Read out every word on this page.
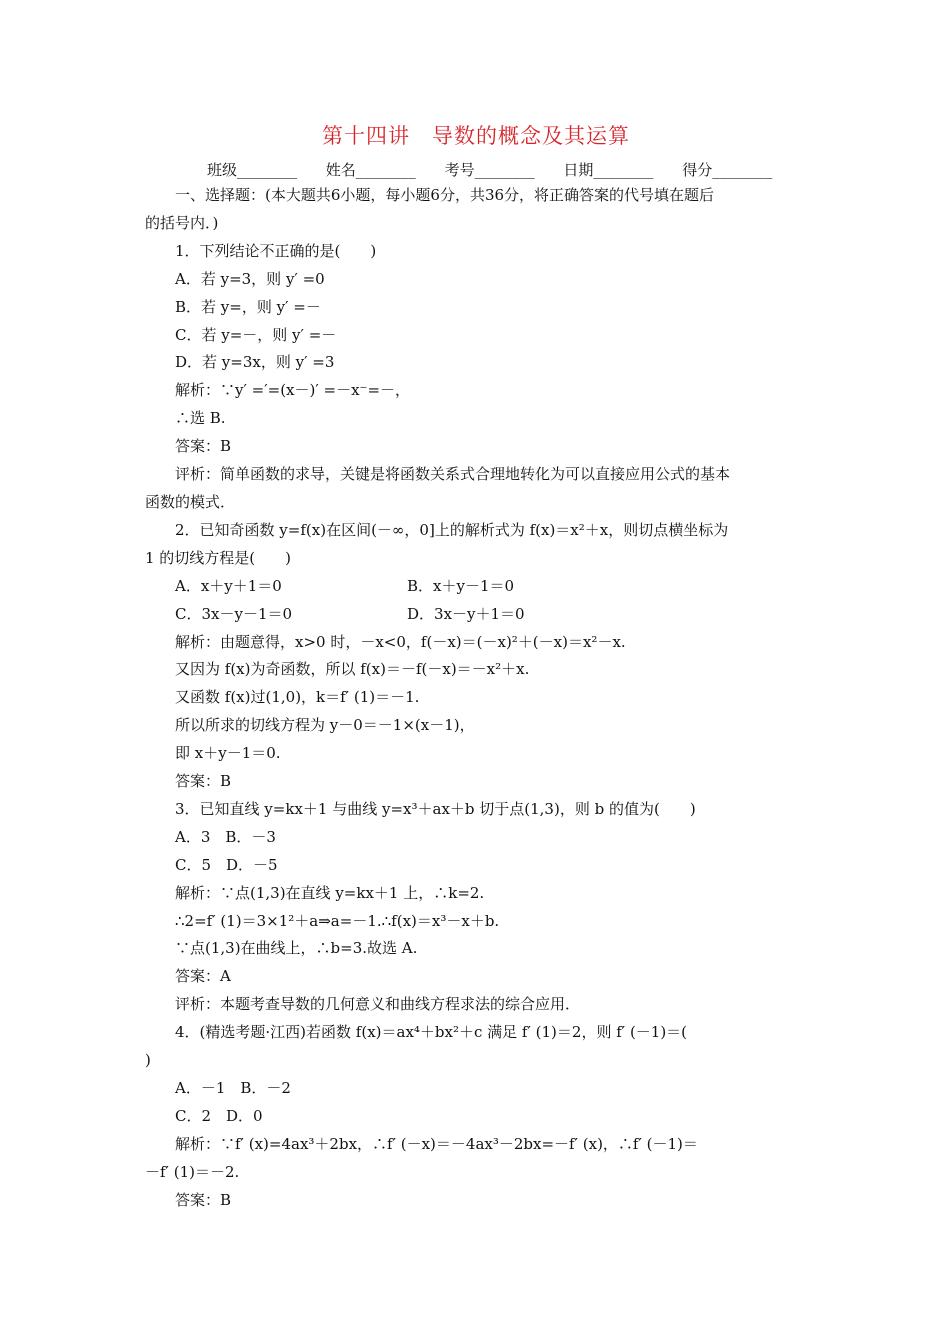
第十四讲　导数的概念及其运算
班级________ 姓名________ 考号________ 日期________ 得分________
一、选择题：(本大题共6小题，每小题6分，共36分，将正确答案的代号填在题后
的括号内．)
1．下列结论不正确的是(　　)
A．若 y=3，则 y′ =0
B．若 y=，则 y′ =－
C．若 y=－，则 y′ =－
D．若 y=3x，则 y′ =3
解析：∵y′ =′=(x－)′ =－x⁻=－，
∴选 B.
答案：B
评析：简单函数的求导，关键是将函数关系式合理地转化为可以直接应用公式的基本
函数的模式．
2．已知奇函数 y=f(x)在区间(－∞，0]上的解析式为 f(x)＝x²＋x，则切点横坐标为
1 的切线方程是(　　)
A．x＋y＋1＝0	B．x＋y－1＝0
C．3x－y－1＝0	D．3x－y＋1＝0
解析：由题意得，x>0 时，－x<0，f(－x)＝(－x)²＋(－x)＝x²－x.
又因为 f(x)为奇函数，所以 f(x)＝－f(－x)＝－x²＋x.
又函数 f(x)过(1,0)，k＝f′ (1)＝－1.
所以所求的切线方程为 y－0＝－1×(x－1)，
即 x＋y－1＝0.
答案：B
3．已知直线 y=kx＋1 与曲线 y=x³＋ax＋b 切于点(1,3)，则 b 的值为(　　)
A．3　B．－3
C．5　D．－5
解析：∵点(1,3)在直线 y=kx＋1 上，∴k=2.
∴2=f′ (1)＝3×1²＋a⇒a=－1.∴f(x)＝x³－x＋b.
∵点(1,3)在曲线上，∴b=3.故选 A.
答案：A
评析：本题考查导数的几何意义和曲线方程求法的综合应用．
4．(精选考题·江西)若函数 f(x)＝ax⁴＋bx²＋c 满足 f′ (1)＝2，则 f′ (－1)＝(
)
A．－1　B．－2
C．2　D．0
解析：∵f′ (x)=4ax³＋2bx，∴f′ (－x)＝－4ax³－2bx=－f′ (x)，∴f′ (－1)＝
－f′ (1)＝－2.
答案：B
